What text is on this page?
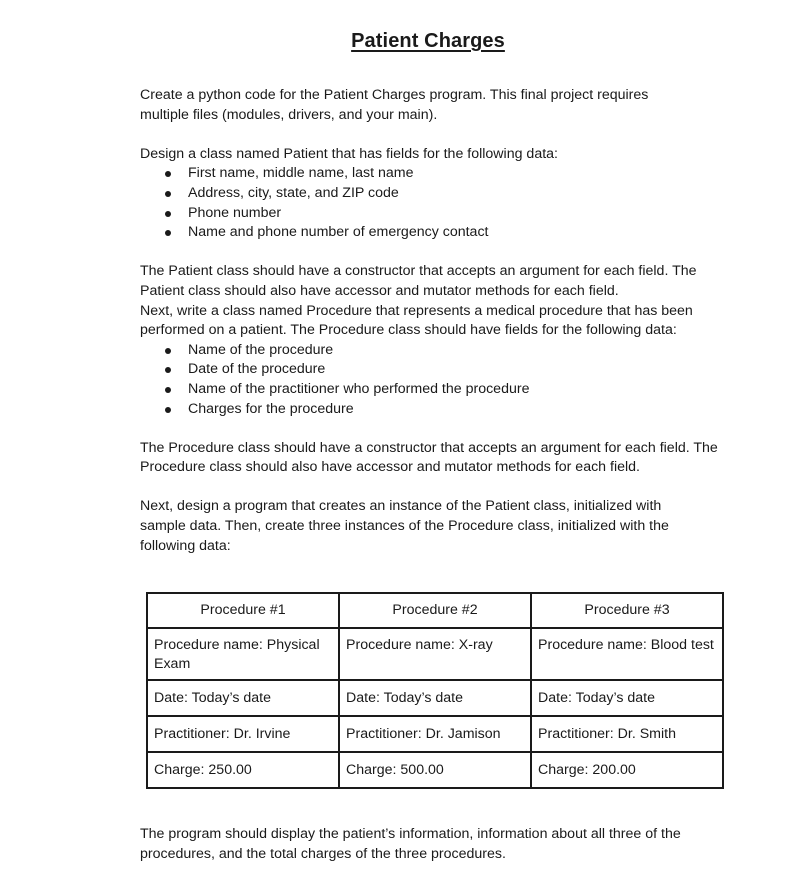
Patient Charges

Create a python code for the Patient Charges program. This final project requires multiple files (modules, drivers, and your main).

Design a class named Patient that has fields for the following data:

First name, middle name, last name
Address, city, state, and ZIP code
Phone number
Name and phone number of emergency contact

The Patient class should have a constructor that accepts an argument for each field. The Patient class should also have accessor and mutator methods for each field.

Next, write a class named Procedure that represents a medical procedure that has been performed on a patient. The Procedure class should have fields for the following data:

Name of the procedure
Date of the procedure
Name of the practitioner who performed the procedure
Charges for the procedure

The Procedure class should have a constructor that accepts an argument for each field. The Procedure class should also have accessor and mutator methods for each field.

Next, design a program that creates an instance of the Patient class, initialized with sample data. Then, create three instances of the Procedure class, initialized with the following data:

Procedure #1	Procedure #2	Procedure #3
Procedure name: Physical Exam	Procedure name: X-ray	Procedure name: Blood test
Date: Today’s date	Date: Today’s date	Date: Today’s date
Practitioner: Dr. Irvine	Practitioner: Dr. Jamison	Practitioner: Dr. Smith
Charge: 250.00	Charge: 500.00	Charge: 200.00

The program should display the patient’s information, information about all three of the procedures, and the total charges of the three procedures.
